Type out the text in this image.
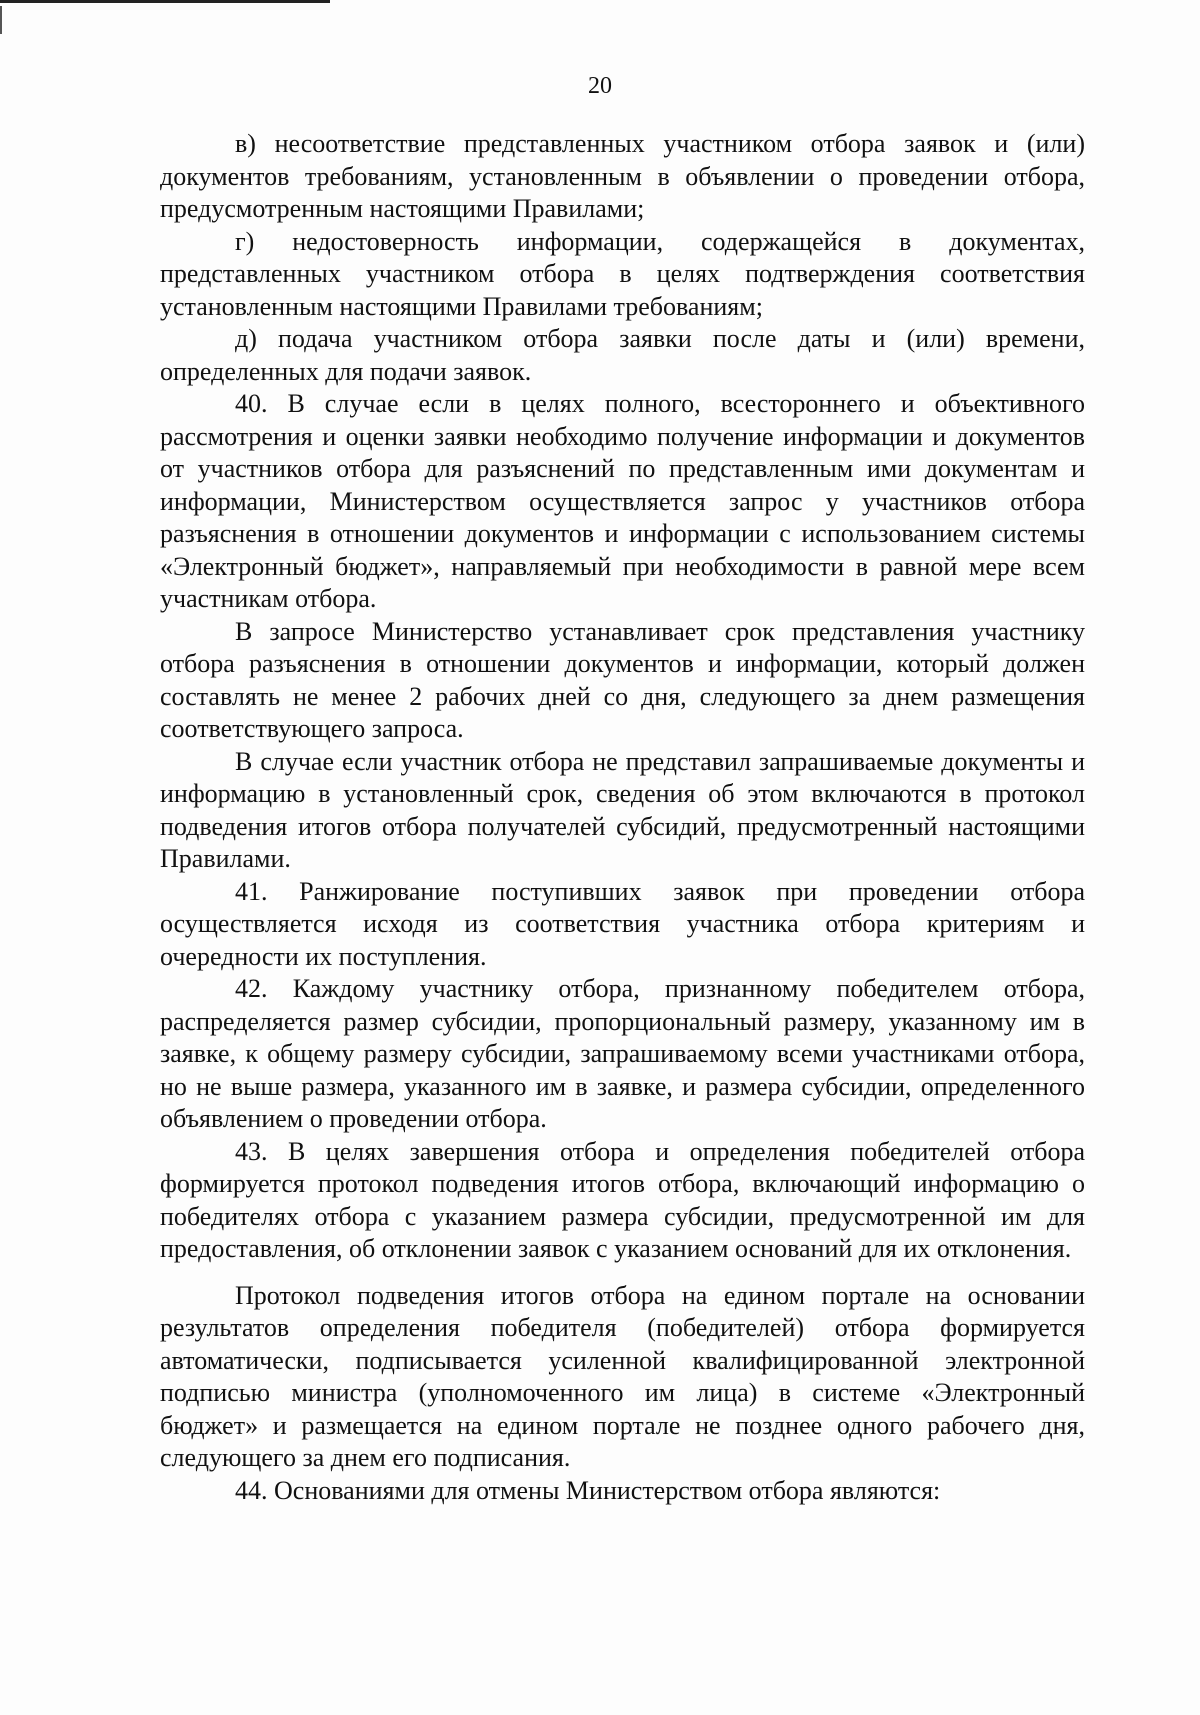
20

в) несоответствие представленных участником отбора заявок и (или) документов требованиям, установленным в объявлении о проведении отбора, предусмотренным настоящими Правилами;

г) недостоверность информации, содержащейся в документах, представленных участником отбора в целях подтверждения соответствия установленным настоящими Правилами требованиям;

д) подача участником отбора заявки после даты и (или) времени, определенных для подачи заявок.

40. В случае если в целях полного, всестороннего и объективного рассмотрения и оценки заявки необходимо получение информации и документов от участников отбора для разъяснений по представленным ими документам и информации, Министерством осуществляется запрос у участников отбора разъяснения в отношении документов и информации с использованием системы «Электронный бюджет», направляемый при необходимости в равной мере всем участникам отбора.

В запросе Министерство устанавливает срок представления участнику отбора разъяснения в отношении документов и информации, который должен составлять не менее 2 рабочих дней со дня, следующего за днем размещения соответствующего запроса.

В случае если участник отбора не представил запрашиваемые документы и информацию в установленный срок, сведения об этом включаются в протокол подведения итогов отбора получателей субсидий, предусмотренный настоящими Правилами.

41. Ранжирование поступивших заявок при проведении отбора осуществляется исходя из соответствия участника отбора критериям и очередности их поступления.

42. Каждому участнику отбора, признанному победителем отбора, распределяется размер субсидии, пропорциональный размеру, указанному им в заявке, к общему размеру субсидии, запрашиваемому всеми участниками отбора, но не выше размера, указанного им в заявке, и размера субсидии, определенного объявлением о проведении отбора.

43. В целях завершения отбора и определения победителей отбора формируется протокол подведения итогов отбора, включающий информацию о победителях отбора с указанием размера субсидии, предусмотренной им для предоставления, об отклонении заявок с указанием оснований для их отклонения.

Протокол подведения итогов отбора на едином портале на основании результатов определения победителя (победителей) отбора формируется автоматически, подписывается усиленной квалифицированной электронной подписью министра (уполномоченного им лица) в системе «Электронный бюджет» и размещается на едином портале не позднее одного рабочего дня, следующего за днем его подписания.

44. Основаниями для отмены Министерством отбора являются:
